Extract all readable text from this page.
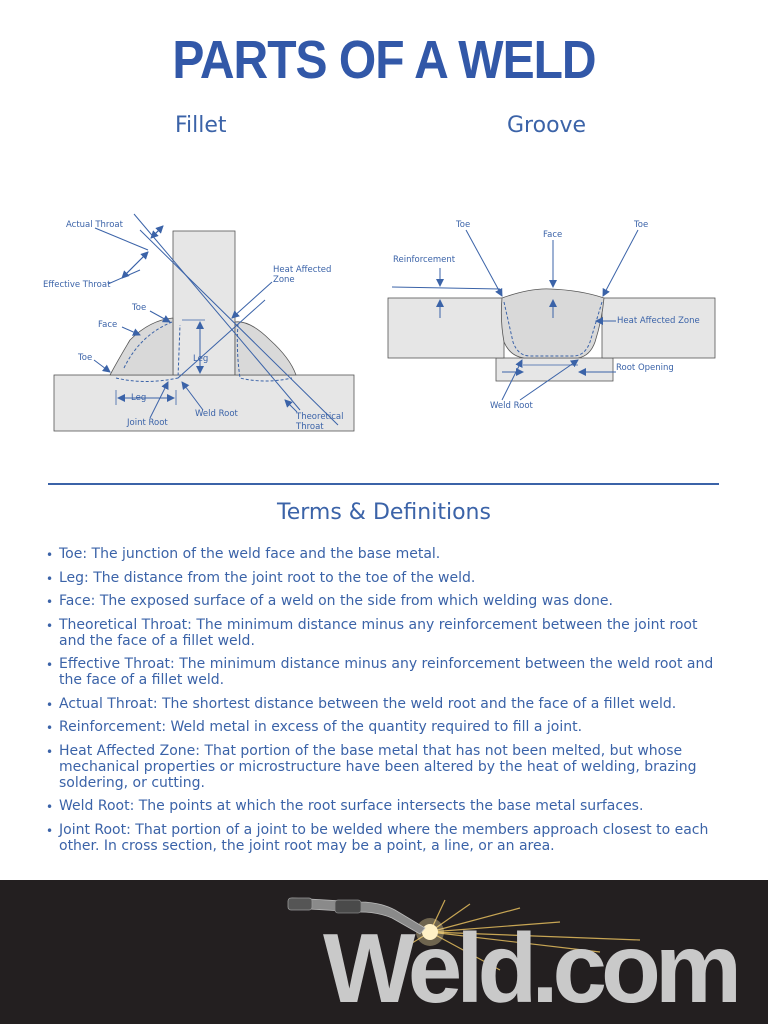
PARTS OF A WELD
Fillet	Groove
Actual Throat
Effective Throat
Toe
Face
Toe
Leg
Joint Root
Weld Root
Leg
Heat Affected
Zone
Theoretical
Throat
Toe
Face
Toe
Reinforcement
Heat Affected Zone
Root Opening
Weld Root
Terms & Definitions
• Toe: The junction of the weld face and the base metal.
• Leg: The distance from the joint root to the toe of the weld.
• Face: The exposed surface of a weld on the side from which welding was done.
• Theoretical Throat: The minimum distance minus any reinforcement between the joint root and the face of a fillet weld.
• Effective Throat: The minimum distance minus any reinforcement between the weld root and the face of a fillet weld.
• Actual Throat: The shortest distance between the weld root and the face of a fillet weld.
• Reinforcement: Weld metal in excess of the quantity required to fill a joint.
• Heat Affected Zone: That portion of the base metal that has not been melted, but whose mechanical properties or microstructure have been altered by the heat of welding, brazing soldering, or cutting.
• Weld Root: The points at which the root surface intersects the base metal surfaces.
• Joint Root: That portion of a joint to be welded where the members approach closest to each other. In cross section, the joint root may be a point, a line, or an area.
Weld.com
